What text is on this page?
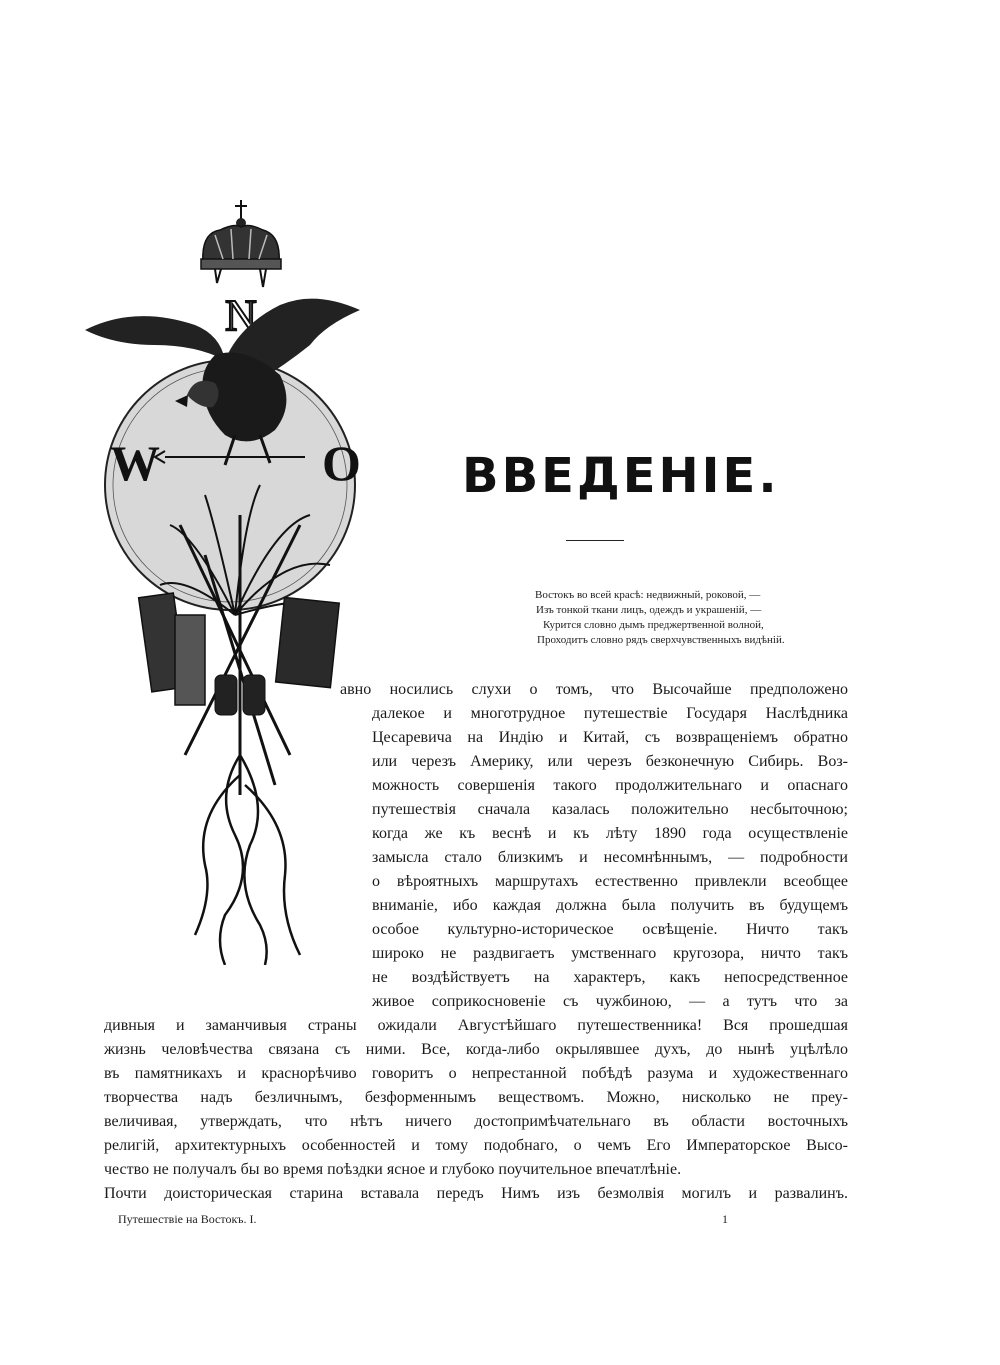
N
W	O ВВЕДЕНІЕ.
Востокъ во всей красѣ: недвижный, роковой, —
Изъ тонкой ткани лицъ, одеждъ и украшеній, —
Курится словно дымъ преджертвенной волной,
Проходитъ словно рядъ сверхчувственныхъ видѣній.
авно носились слухи о томъ, что Высочайше предположено
далекое и многотрудное путешествіе Государя Наслѣдника
Цесаревича на Индію и Китай, съ возвращеніемъ обратно
или черезъ Америку, или черезъ безконечную Сибирь. Воз-
можность совершенія такого продолжительнаго и опаснаго
путешествія сначала казалась положительно несбыточною;
когда же къ веснѣ и къ лѣту 1890 года осуществленіе
замысла стало близкимъ и несомнѣннымъ, — подробности
о вѣроятныхъ маршрутахъ естественно привлекли всеобщее
вниманіе, ибо каждая должна была получить въ будущемъ
особое культурно-историческое освѣщеніе. Ничто такъ
широко не раздвигаетъ умственнаго кругозора, ничто такъ
не воздѣйствуетъ на характеръ, какъ непосредственное
живое соприкосновеніе съ чужбиною, — а тутъ что за
дивныя и заманчивыя страны ожидали Августѣйшаго путешественника! Вся прошедшая
жизнь человѣчества связана съ ними. Все, когда-либо окрылявшее духъ, до нынѣ уцѣлѣло
въ памятникахъ и краснорѣчиво говоритъ о непрестанной побѣдѣ разума и художественнаго
творчества надъ безличнымъ, безформеннымъ веществомъ. Можно, нисколько не преу-
величивая, утверждать, что нѣтъ ничего достопримѣчательнаго въ области восточныхъ
религій, архитектурныхъ особенностей и тому подобнаго, о чемъ Его Императорское Высо-
чество не получалъ бы во время поѣздки ясное и глубоко поучительное впечатлѣніе.
Почти доисторическая старина вставала передъ Нимъ изъ безмолвія могилъ и развалинъ.
Путешествіе на Востокъ. I.	1
